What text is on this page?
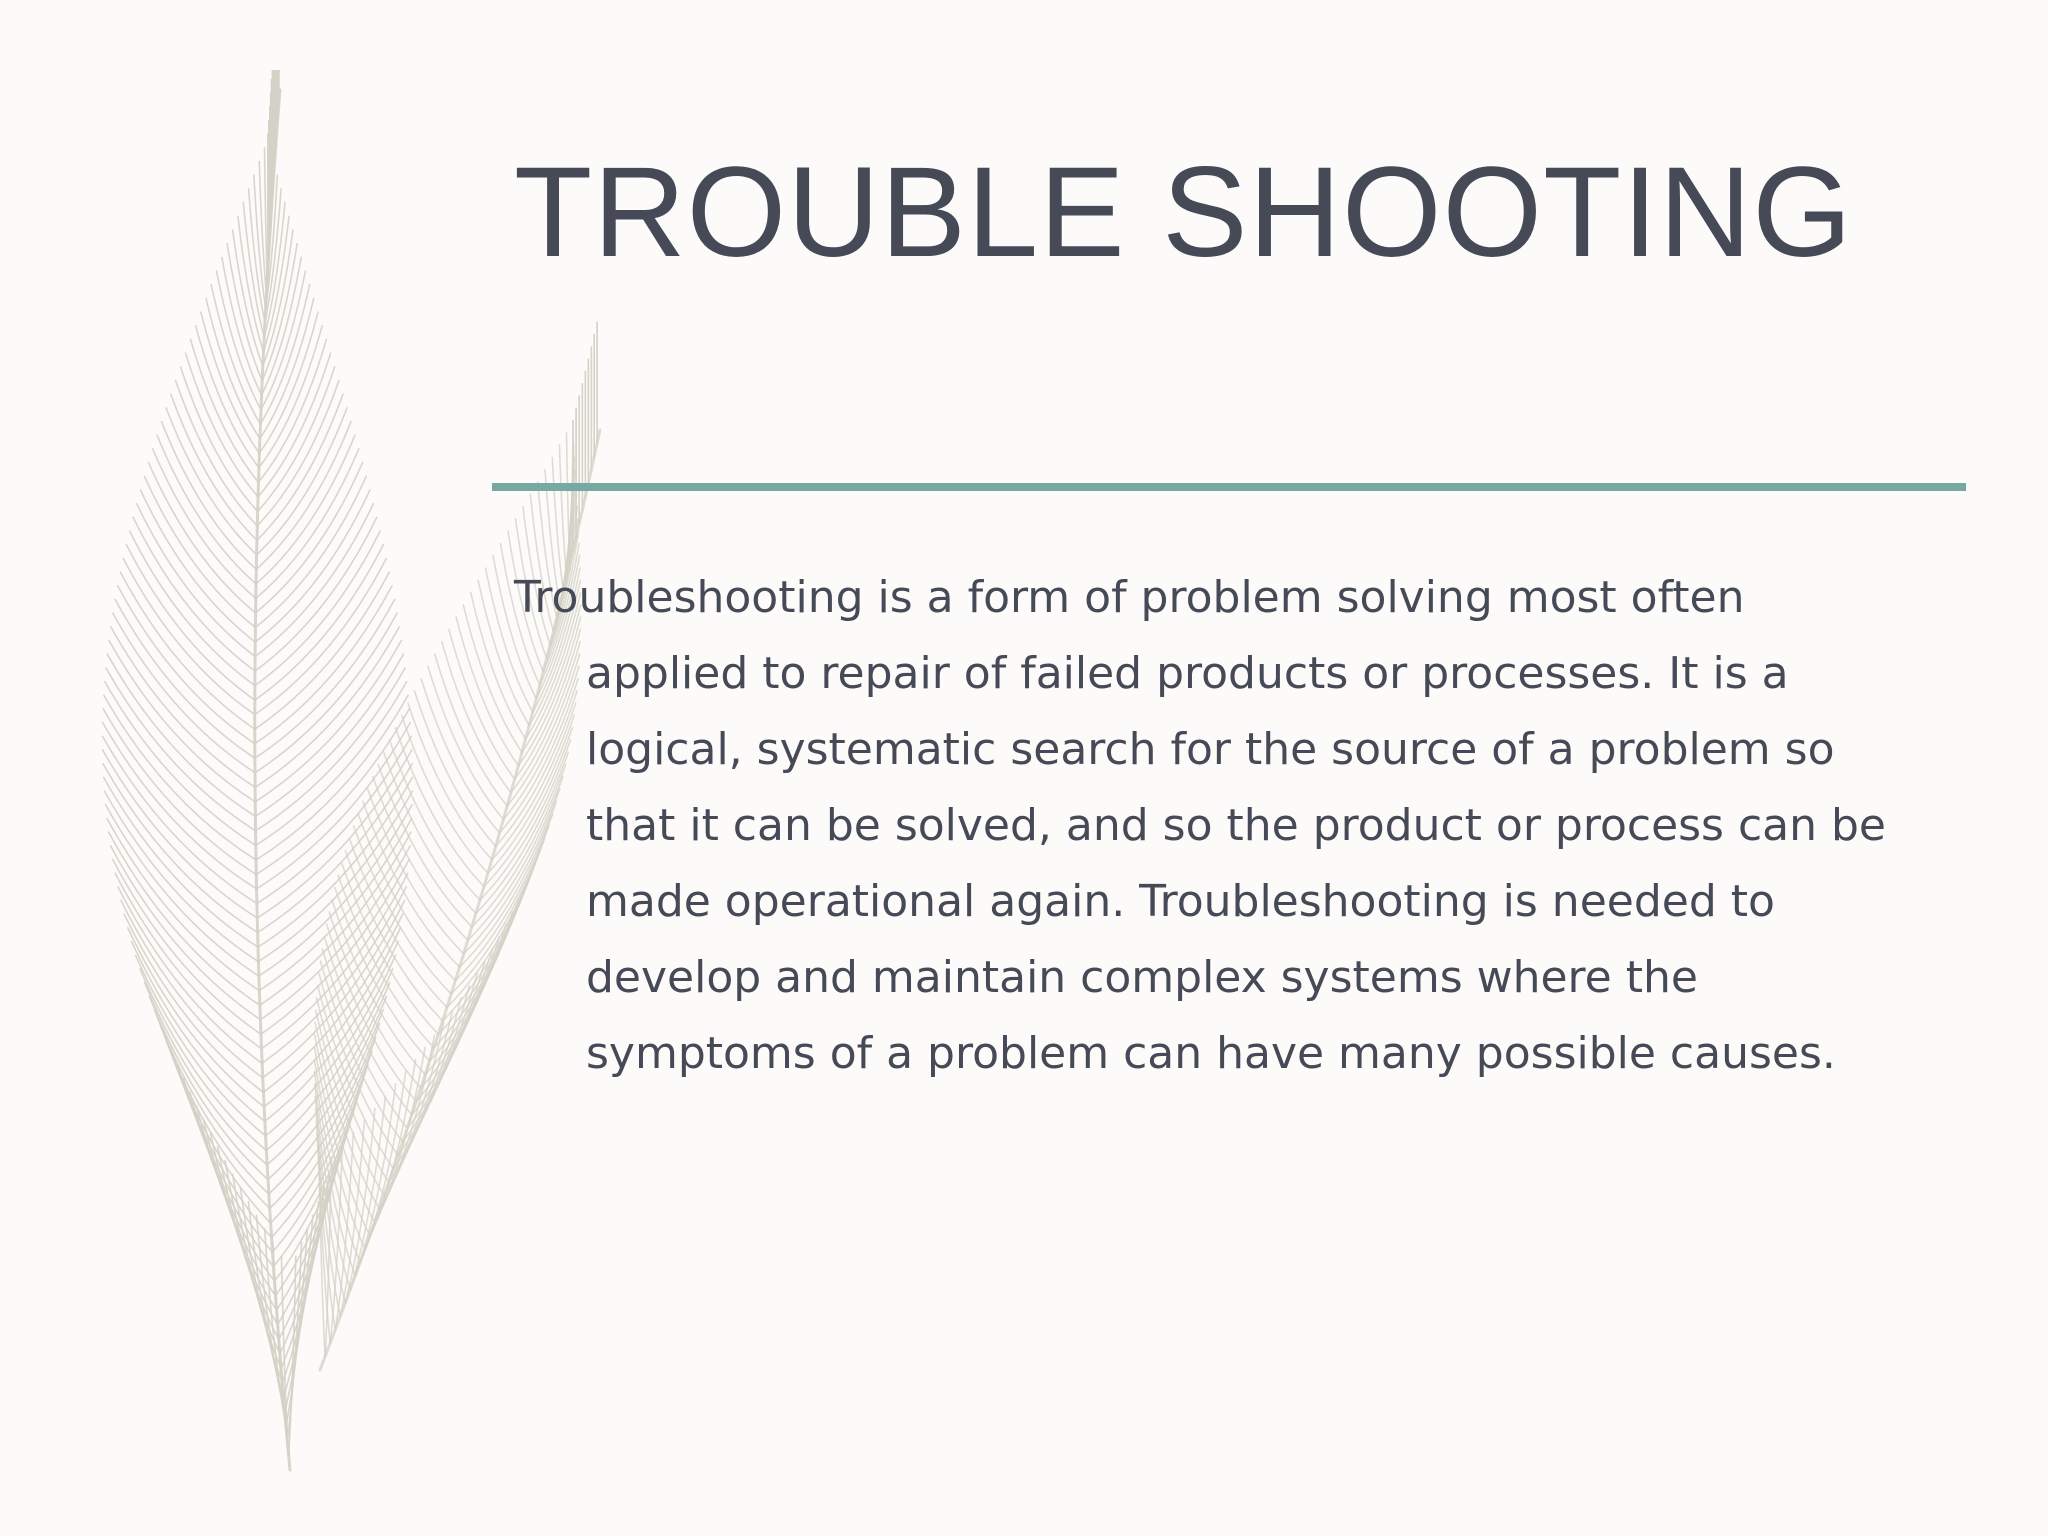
TROUBLE SHOOTING

Troubleshooting is a form of problem solving most often
applied to repair of failed products or processes. It is a
logical, systematic search for the source of a problem so
that it can be solved, and so the product or process can be
made operational again. Troubleshooting is needed to
develop and maintain complex systems where the
symptoms of a problem can have many possible causes.
